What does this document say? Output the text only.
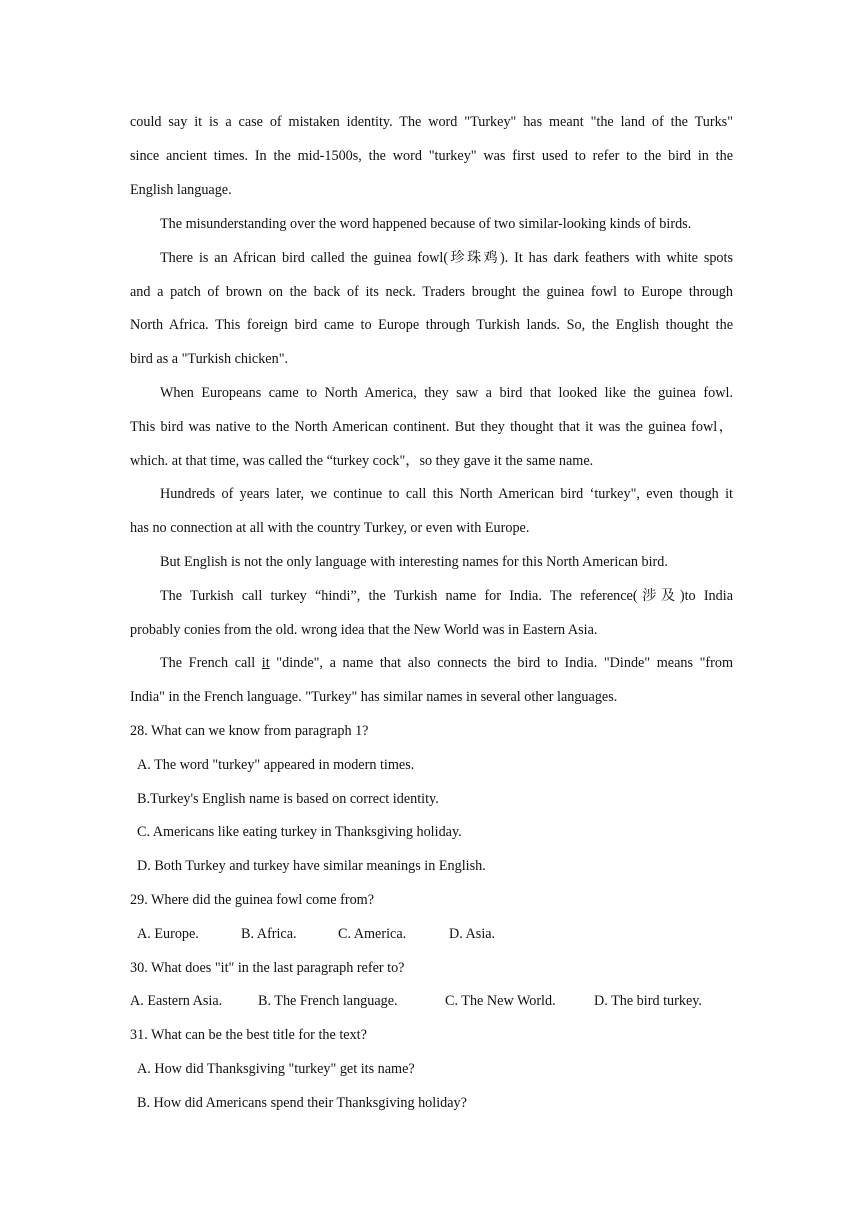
could say it is a case of mistaken identity. The word "Turkey" has meant "the land of the Turks"
since ancient times. In the mid-1500s, the word "turkey" was first used to refer to the bird in the
English language.
The misunderstanding over the word happened because of two similar-looking kinds of birds.
There is an African bird called the guinea fowl(珍珠鸡). It has dark feathers with white spots
and a patch of brown on the back of its neck. Traders brought the guinea fowl to Europe through
North Africa. This foreign bird came to Europe through Turkish lands. So, the English thought the
bird as a "Turkish chicken".
When Europeans came to North America, they saw a bird that looked like the guinea fowl.
This bird was native to the North American continent. But they thought that it was the guinea fowl，
which. at that time, was called the “turkey cock"，so they gave it the same name.
Hundreds of years later, we continue to call this North American bird ‘turkey", even though it
has no connection at all with the country Turkey, or even with Europe.
But English is not the only language with interesting names for this North American bird.
The Turkish call turkey “hindi”, the Turkish name for India. The reference(涉及)to India
probably conies from the old. wrong idea that the New World was in Eastern Asia.
The French call it "dinde", a name that also connects the bird to India. "Dinde" means "from
India" in the French language. "Turkey" has similar names in several other languages.
28. What can we know from paragraph 1?
A. The word "turkey" appeared in modern times.
B.Turkey's English name is based on correct identity.
C. Americans like eating turkey in Thanksgiving holiday.
D. Both Turkey and turkey have similar meanings in English.
29. Where did the guinea fowl come from?
A. Europe.	B. Africa.	C. America.	D. Asia.
30. What does "it" in the last paragraph refer to?
A. Eastern Asia.	B. The French language.	C. The New World.	D. The bird turkey.
31. What can be the best title for the text?
A. How did Thanksgiving "turkey" get its name?
B. How did Americans spend their Thanksgiving holiday?
